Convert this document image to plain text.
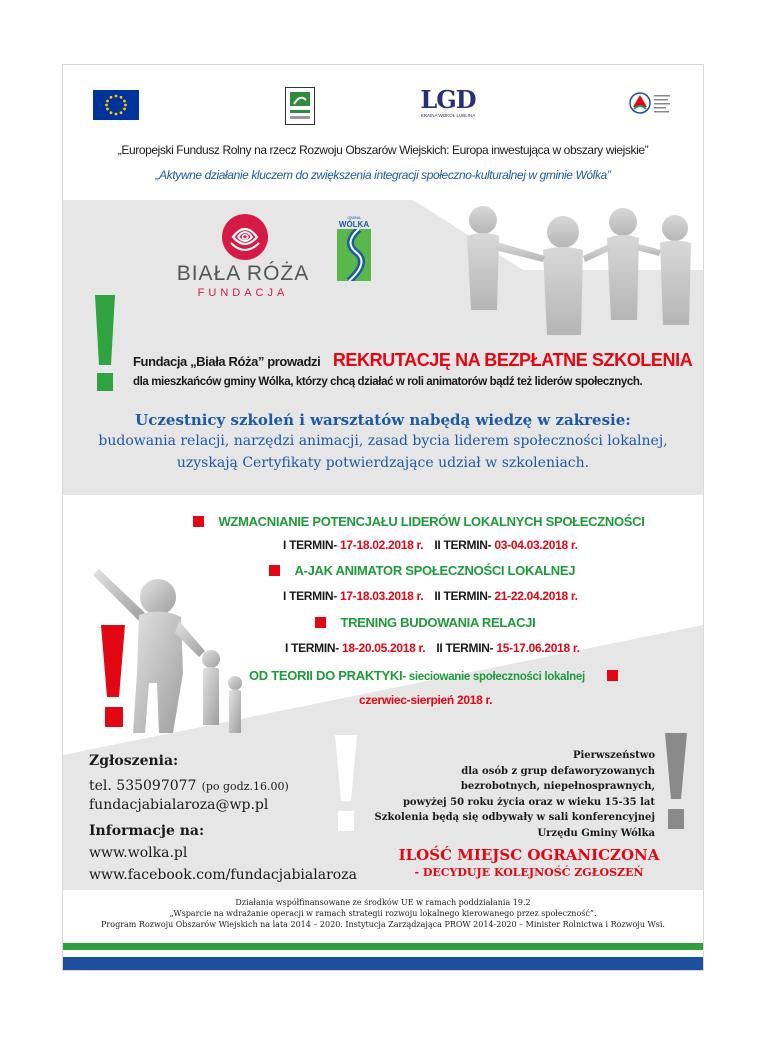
LGD
KRAINA WOKÓŁ LUBLINA
„Europejski Fundusz Rolny na rzecz Rozwoju Obszarów Wiejskich: Europa inwestująca w obszary wiejskie”
„Aktywne działanie kluczem do zwiększenia integracji społeczno-kulturalnej w gminie Wólka”
BIAŁA RÓŻA
FUNDACJA
GMINA
WÓLKA
Fundacja „Biała Róża” prowadzi REKRUTACJĘ NA BEZPŁATNE SZKOLENIA
dla mieszkańców gminy Wólka, którzy chcą działać w roli animatorów bądź też liderów społecznych.
Uczestnicy szkoleń i warsztatów nabędą wiedzę w zakresie:
budowania relacji, narzędzi animacji, zasad bycia liderem społeczności lokalnej,
uzyskają Certyfikaty potwierdzające udział w szkoleniach.
WZMACNIANIE POTENCJAŁU LIDERÓW LOKALNYCH SPOŁECZNOŚCI
I TERMIN- 17-18.02.2018 r. II TERMIN- 03-04.03.2018 r.
A-JAK ANIMATOR SPOŁECZNOŚCI LOKALNEJ
I TERMIN- 17-18.03.2018 r. II TERMIN- 21-22.04.2018 r.
TRENING BUDOWANIA RELACJI
I TERMIN- 18-20.05.2018 r. II TERMIN- 15-17.06.2018 r.
OD TEORII DO PRAKTYKI- sieciowanie społeczności lokalnej
czerwiec-sierpień 2018 r.
Zgłoszenia:
tel. 535097077 (po godz.16.00)
fundacjabialaroza@wp.pl
Informacje na:
www.wolka.pl
www.facebook.com/fundacjabialaroza
Pierwszeństwo
dla osób z grup defaworyzowanych
bezrobotnych, niepełnosprawnych,
powyżej 50 roku życia oraz w wieku 15-35 lat
Szkolenia będą się odbywały w sali konferencyjnej
Urzędu Gminy Wólka
ILOŚĆ MIEJSC OGRANICZONA
- DECYDUJE KOLEJNOŚĆ ZGŁOSZEŃ
Działania współfinansowane ze środków UE w ramach poddziałania 19.2
„Wsparcie na wdrażanie operacji w ramach strategii rozwoju lokalnego kierowanego przez społeczność”.
Program Rozwoju Obszarów Wiejskich na lata 2014 – 2020. Instytucja Zarządzająca PROW 2014-2020 – Minister Rolnictwa i Rozwoju Wsi.
